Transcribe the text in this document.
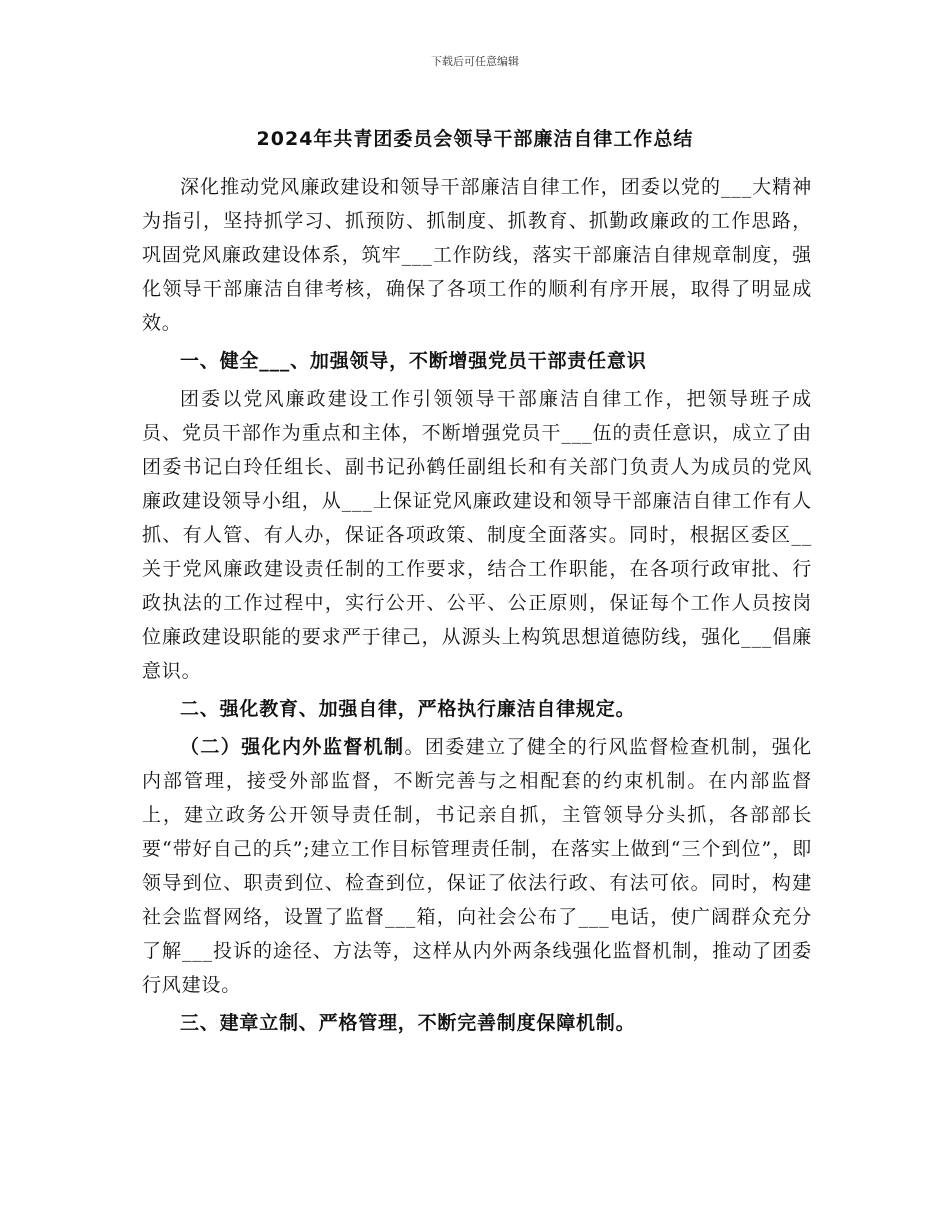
下载后可任意编辑
2024年共青团委员会领导干部廉洁自律工作总结

深化推动党风廉政建设和领导干部廉洁自律工作，团委以党的___大精神为指引，坚持抓学习、抓预防、抓制度、抓教育、抓勤政廉政的工作思路，巩固党风廉政建设体系，筑牢___工作防线，落实干部廉洁自律规章制度，强化领导干部廉洁自律考核，确保了各项工作的顺利有序开展，取得了明显成效。

一、健全___、加强领导，不断增强党员干部责任意识

团委以党风廉政建设工作引领领导干部廉洁自律工作，把领导班子成员、党员干部作为重点和主体，不断增强党员干___伍的责任意识，成立了由团委书记白玲任组长、副书记孙鹤任副组长和有关部门负责人为成员的党风廉政建设领导小组，从___上保证党风廉政建设和领导干部廉洁自律工作有人抓、有人管、有人办，保证各项政策、制度全面落实。同时，根据区委区__关于党风廉政建设责任制的工作要求，结合工作职能，在各项行政审批、行政执法的工作过程中，实行公开、公平、公正原则，保证每个工作人员按岗位廉政建设职能的要求严于律己，从源头上构筑思想道德防线，强化___倡廉意识。

二、强化教育、加强自律，严格执行廉洁自律规定。

（二）强化内外监督机制。团委建立了健全的行风监督检查机制，强化内部管理，接受外部监督，不断完善与之相配套的约束机制。在内部监督上，建立政务公开领导责任制，书记亲自抓，主管领导分头抓，各部部长要“带好自己的兵”;建立工作目标管理责任制，在落实上做到“三个到位”，即领导到位、职责到位、检查到位，保证了依法行政、有法可依。同时，构建社会监督网络，设置了监督___箱，向社会公布了___电话，使广阔群众充分了解___投诉的途径、方法等，这样从内外两条线强化监督机制，推动了团委行风建设。

三、建章立制、严格管理，不断完善制度保障机制。
